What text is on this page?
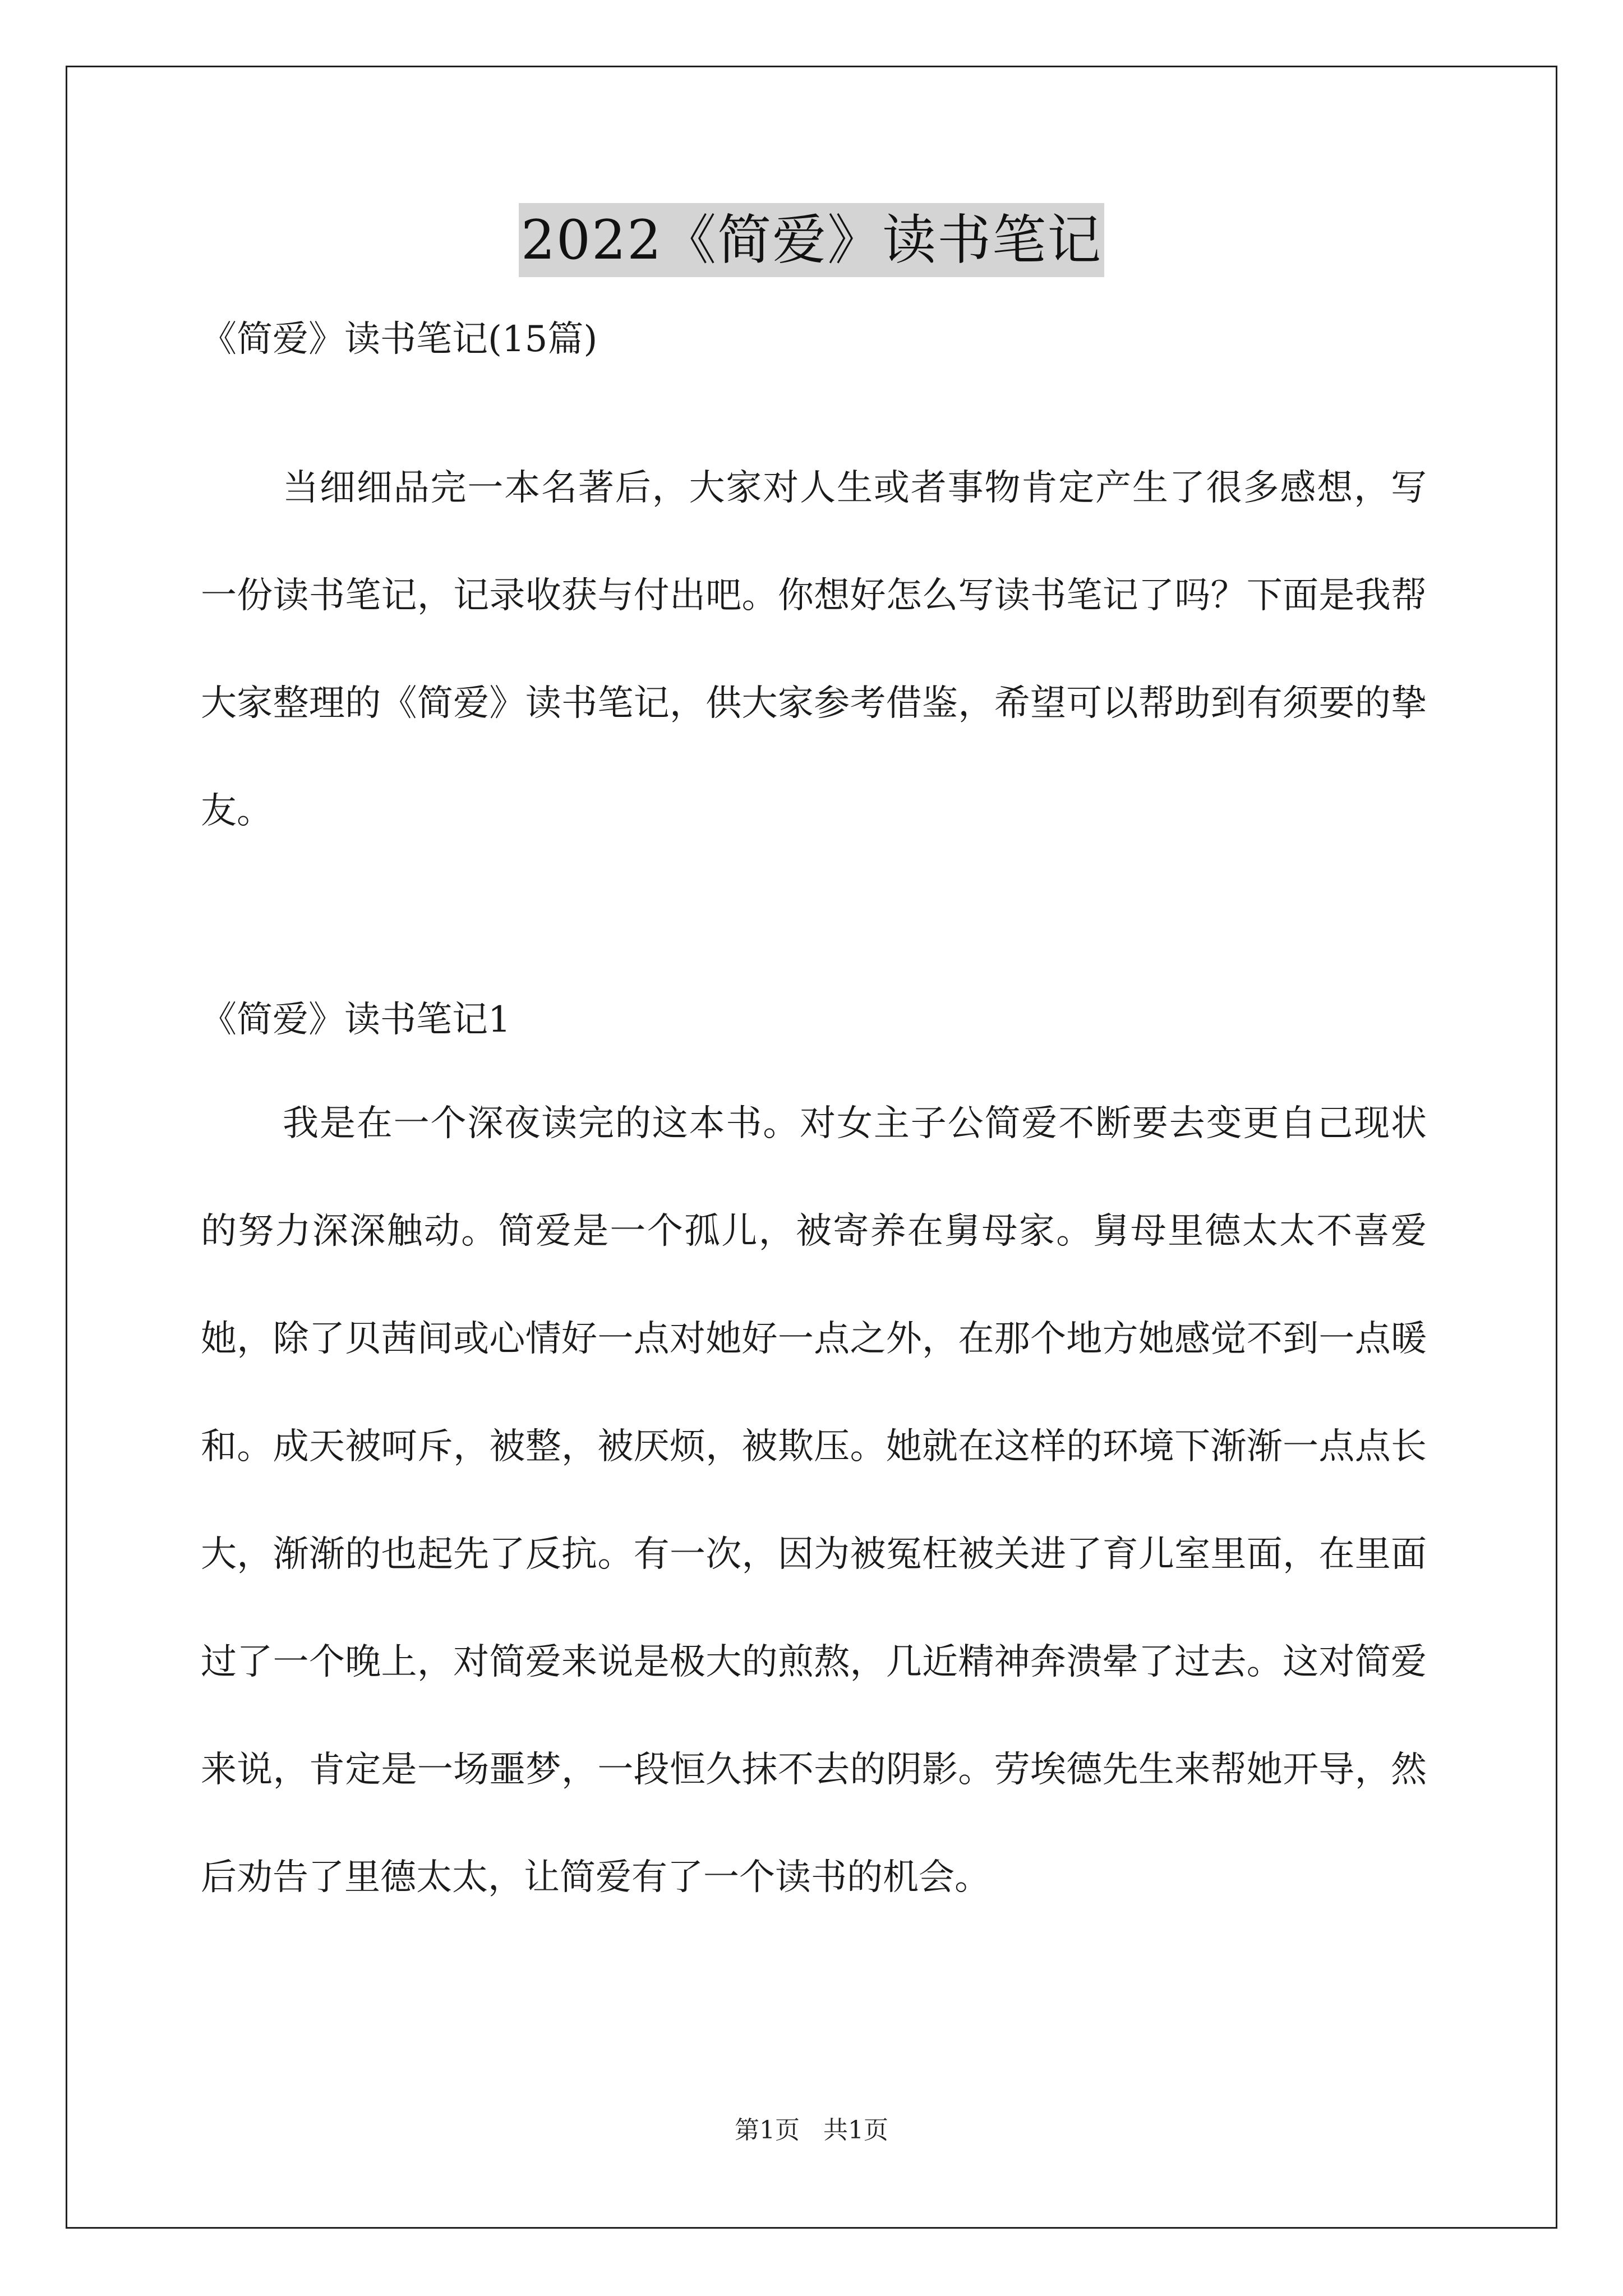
2022《简爱》读书笔记
《简爱》读书笔记(15篇)

当细细品完一本名著后，大家对人生或者事物肯定产生了很多感想，写一份读书笔记，记录收获与付出吧。你想好怎么写读书笔记了吗？下面是我帮大家整理的《简爱》读书笔记，供大家参考借鉴，希望可以帮助到有须要的挚友。

《简爱》读书笔记1

我是在一个深夜读完的这本书。对女主子公简爱不断要去变更自己现状的努力深深触动。简爱是一个孤儿，被寄养在舅母家。舅母里德太太不喜爱她，除了贝茜间或心情好一点对她好一点之外，在那个地方她感觉不到一点暖和。成天被呵斥，被整，被厌烦，被欺压。她就在这样的环境下渐渐一点点长大，渐渐的也起先了反抗。有一次，因为被冤枉被关进了育儿室里面，在里面过了一个晚上，对简爱来说是极大的煎熬，几近精神奔溃晕了过去。这对简爱来说，肯定是一场噩梦，一段恒久抹不去的阴影。劳埃德先生来帮她开导，然后劝告了里德太太，让简爱有了一个读书的机会。

第1页 共1页
